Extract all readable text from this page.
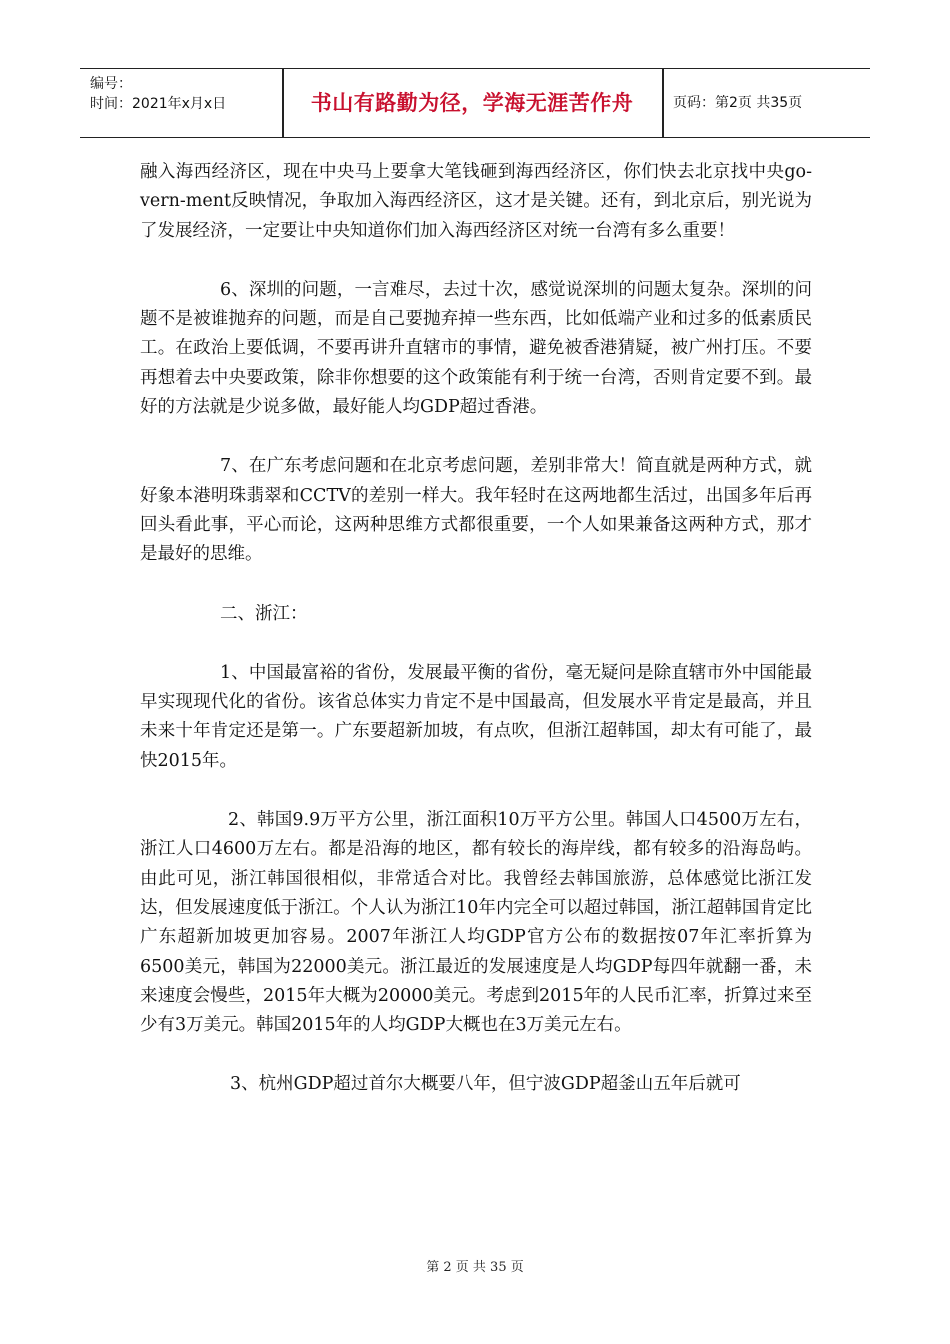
编号：
时间：2021年x月x日	书山有路勤为径，学海无涯苦作舟	页码：第2页 共35页

融入海西经济区，现在中央马上要拿大笔钱砸到海西经济区，你们快去北京找中央go-vern-ment反映情况，争取加入海西经济区，这才是关键。还有，到北京后，别光说为了发展经济，一定要让中央知道你们加入海西经济区对统一台湾有多么重要！

6、深圳的问题，一言难尽，去过十次，感觉说深圳的问题太复杂。深圳的问题不是被谁抛弃的问题，而是自己要抛弃掉一些东西，比如低端产业和过多的低素质民工。在政治上要低调，不要再讲升直辖市的事情，避免被香港猜疑，被广州打压。不要再想着去中央要政策，除非你想要的这个政策能有利于统一台湾，否则肯定要不到。最好的方法就是少说多做，最好能人均GDP超过香港。

7、在广东考虑问题和在北京考虑问题，差别非常大！简直就是两种方式，就好象本港明珠翡翠和CCTV的差别一样大。我年轻时在这两地都生活过，出国多年后再回头看此事，平心而论，这两种思维方式都很重要，一个人如果兼备这两种方式，那才是最好的思维。

二、浙江：

1、中国最富裕的省份，发展最平衡的省份，毫无疑问是除直辖市外中国能最早实现现代化的省份。该省总体实力肯定不是中国最高，但发展水平肯定是最高，并且未来十年肯定还是第一。广东要超新加坡，有点吹，但浙江超韩国，却太有可能了，最快2015年。

2、韩国9.9万平方公里，浙江面积10万平方公里。韩国人口4500万左右，浙江人口4600万左右。都是沿海的地区，都有较长的海岸线，都有较多的沿海岛屿。由此可见，浙江韩国很相似，非常适合对比。我曾经去韩国旅游，总体感觉比浙江发达，但发展速度低于浙江。个人认为浙江10年内完全可以超过韩国，浙江超韩国肯定比广东超新加坡更加容易。2007年浙江人均GDP官方公布的数据按07年汇率折算为6500美元，韩国为22000美元。浙江最近的发展速度是人均GDP每四年就翻一番，未来速度会慢些，2015年大概为20000美元。考虑到2015年的人民币汇率，折算过来至少有3万美元。韩国2015年的人均GDP大概也在3万美元左右。

3、杭州GDP超过首尔大概要八年，但宁波GDP超釜山五年后就可

第 2 页 共 35 页
